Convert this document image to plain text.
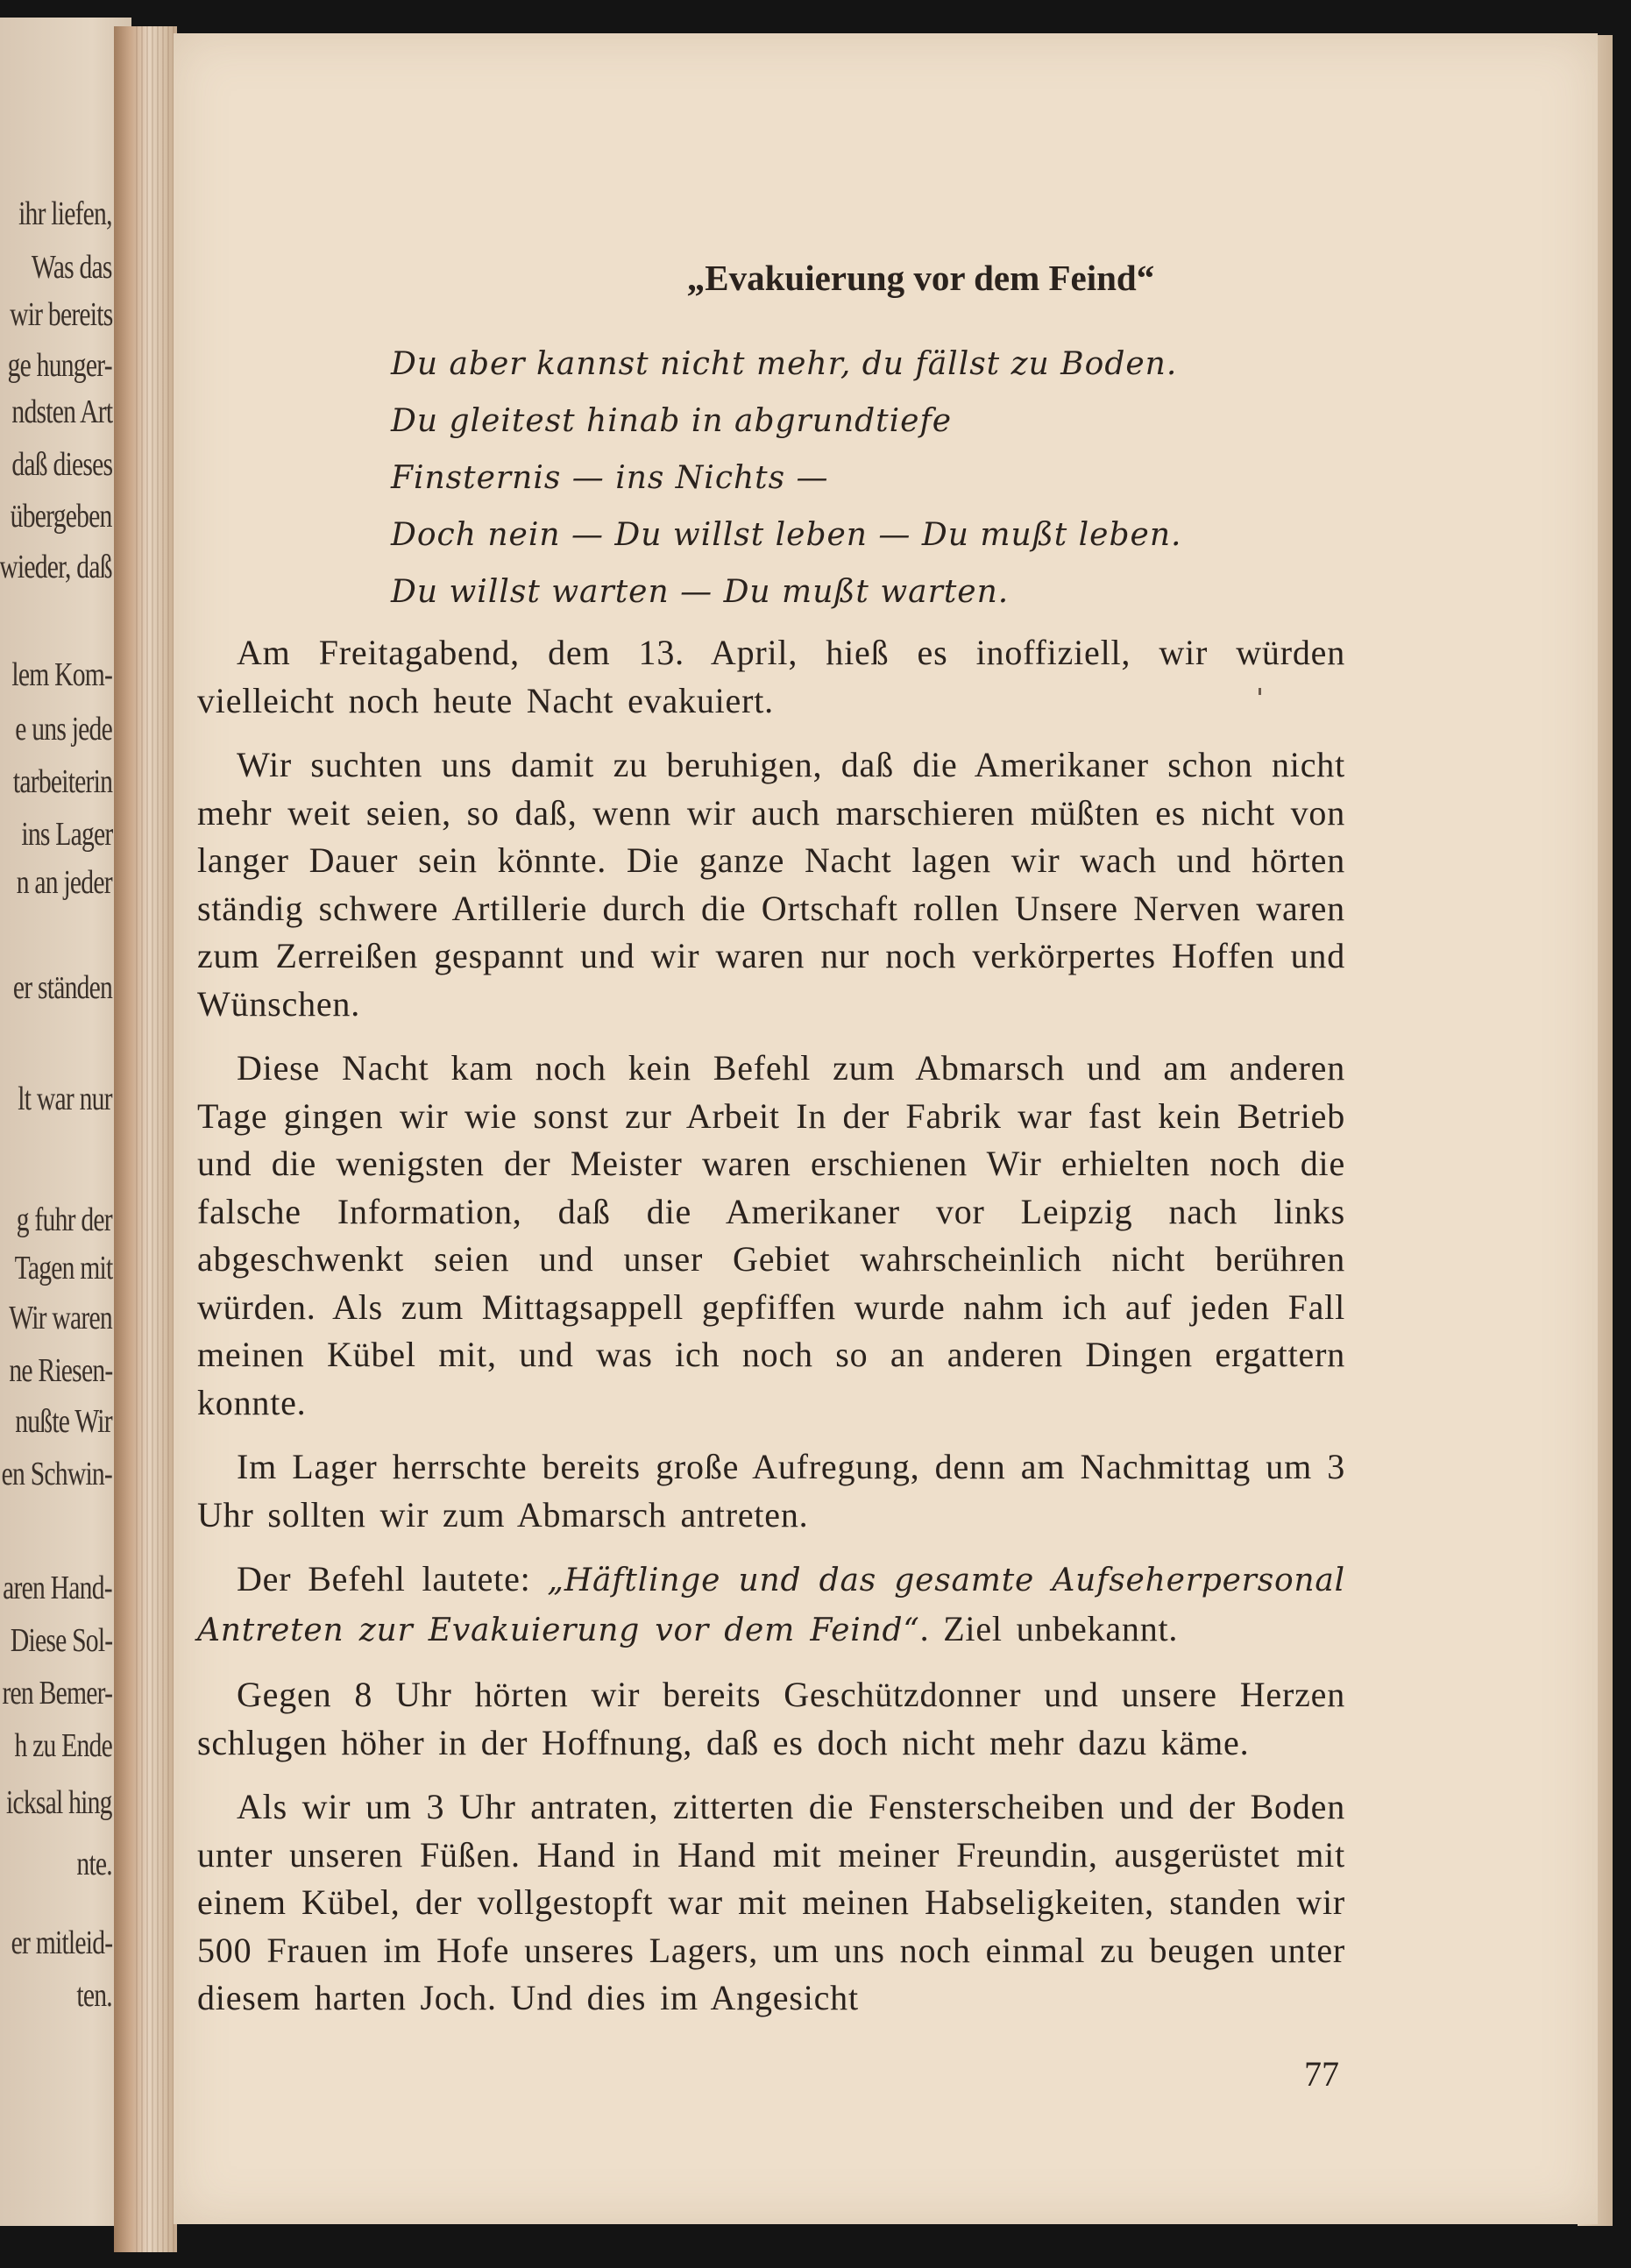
ihr liefen,
Was das
wir bereits
ge hunger-
ndsten Art
daß dieses
übergeben
wieder, daß
lem Kom-
e uns jede
tarbeiterin
ins Lager
n an jeder
er ständen
lt war nur
g fuhr der
Tagen mit
Wir waren
ne Riesen-
nußte Wir
en Schwin-
aren Hand-
Diese Sol-
ren Bemer-
h zu Ende
icksal hing
nte.
er mitleid-
ten.
„Evakuierung vor dem Feind“
Du aber kannst nicht mehr, du fällst zu Boden.
Du gleitest hinab in abgrundtiefe
Finsternis — ins Nichts —
Doch nein — Du willst leben — Du mußt leben.
Du willst warten — Du mußt warten.

Am Freitagabend, dem 13. April, hieß es inoffiziell, wir würden vielleicht noch heute Nacht evakuiert.

Wir suchten uns damit zu beruhigen, daß die Amerikaner schon nicht mehr weit seien, so daß, wenn wir auch marschieren müßten es nicht von langer Dauer sein könnte. Die ganze Nacht lagen wir wach und hörten ständig schwere Artillerie durch die Ortschaft rollen Unsere Nerven waren zum Zerreißen gespannt und wir waren nur noch verkörpertes Hoffen und Wünschen.

Diese Nacht kam noch kein Befehl zum Abmarsch und am anderen Tage gingen wir wie sonst zur Arbeit In der Fabrik war fast kein Betrieb und die wenigsten der Meister waren erschienen Wir erhielten noch die falsche Information, daß die Amerikaner vor Leipzig nach links abgeschwenkt seien und unser Gebiet wahrscheinlich nicht berühren würden. Als zum Mittagsappell gepfiffen wurde nahm ich auf jeden Fall meinen Kübel mit, und was ich noch so an anderen Dingen ergattern konnte.

Im Lager herrschte bereits große Aufregung, denn am Nachmittag um 3 Uhr sollten wir zum Abmarsch antreten.

Der Befehl lautete: „Häftlinge und das gesamte Aufseherpersonal Antreten zur Evakuierung vor dem Feind“. Ziel unbekannt.

Gegen 8 Uhr hörten wir bereits Geschützdonner und unsere Herzen schlugen höher in der Hoffnung, daß es doch nicht mehr dazu käme.

Als wir um 3 Uhr antraten, zitterten die Fensterscheiben und der Boden unter unseren Füßen. Hand in Hand mit meiner Freundin, ausgerüstet mit einem Kübel, der vollgestopft war mit meinen Habseligkeiten, standen wir 500 Frauen im Hofe unseres Lagers, um uns noch einmal zu beugen unter diesem harten Joch. Und dies im Angesicht

77
